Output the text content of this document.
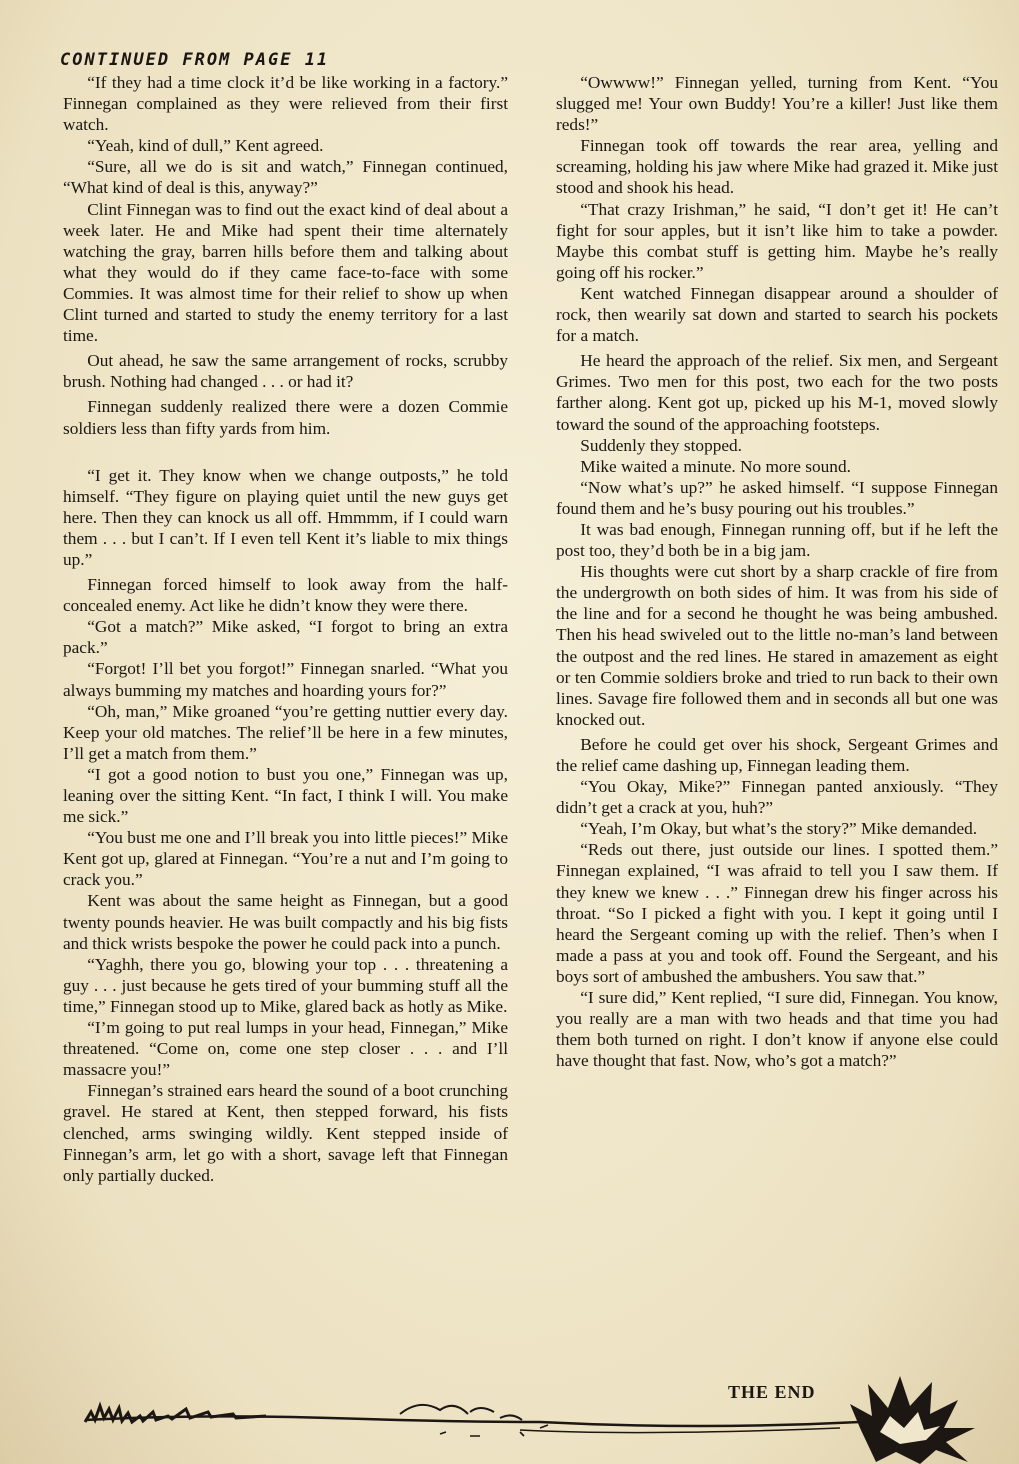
CONTINUED FROM PAGE 11

“If they had a time clock it’d be like working in a factory.” Finnegan complained as they were relieved from their first watch.

“Yeah, kind of dull,” Kent agreed.

“Sure, all we do is sit and watch,” Finnegan continued, “What kind of deal is this, anyway?”

Clint Finnegan was to find out the exact kind of deal about a week later. He and Mike had spent their time alternately watching the gray, barren hills before them and talking about what they would do if they came face-to-face with some Commies. It was almost time for their relief to show up when Clint turned and started to study the enemy territory for a last time.

Out ahead, he saw the same arrangement of rocks, scrubby brush. Nothing had changed . . . or had it?

Finnegan suddenly realized there were a dozen Commie soldiers less than fifty yards from him.

“I get it. They know when we change outposts,” he told himself. “They figure on playing quiet until the new guys get here. Then they can knock us all off. Hmmmm, if I could warn them . . . but I can’t. If I even tell Kent it’s liable to mix things up.”

Finnegan forced himself to look away from the half-concealed enemy. Act like he didn’t know they were there.

“Got a match?” Mike asked, “I forgot to bring an extra pack.”

“Forgot! I’ll bet you forgot!” Finnegan snarled. “What you always bumming my matches and hoarding yours for?”

“Oh, man,” Mike groaned “you’re getting nuttier every day. Keep your old matches. The relief’ll be here in a few minutes, I’ll get a match from them.”

“I got a good notion to bust you one,” Finnegan was up, leaning over the sitting Kent. “In fact, I think I will. You make me sick.”

“You bust me one and I’ll break you into little pieces!” Mike Kent got up, glared at Finnegan. “You’re a nut and I’m going to crack you.”

Kent was about the same height as Finnegan, but a good twenty pounds heavier. He was built compactly and his big fists and thick wrists bespoke the power he could pack into a punch.

“Yaghh, there you go, blowing your top . . . threatening a guy . . . just because he gets tired of your bumming stuff all the time,” Finnegan stood up to Mike, glared back as hotly as Mike.

“I’m going to put real lumps in your head, Finnegan,” Mike threatened. “Come on, come one step closer . . . and I’ll massacre you!”

Finnegan’s strained ears heard the sound of a boot crunching gravel. He stared at Kent, then stepped forward, his fists clenched, arms swinging wildly. Kent stepped inside of Finnegan’s arm, let go with a short, savage left that Finnegan only partially ducked.

“Owwww!” Finnegan yelled, turning from Kent. “You slugged me! Your own Buddy! You’re a killer! Just like them reds!”

Finnegan took off towards the rear area, yelling and screaming, holding his jaw where Mike had grazed it. Mike just stood and shook his head.

“That crazy Irishman,” he said, “I don’t get it! He can’t fight for sour apples, but it isn’t like him to take a powder. Maybe this combat stuff is getting him. Maybe he’s really going off his rocker.”

Kent watched Finnegan disappear around a shoulder of rock, then wearily sat down and started to search his pockets for a match.

He heard the approach of the relief. Six men, and Sergeant Grimes. Two men for this post, two each for the two posts farther along. Kent got up, picked up his M-1, moved slowly toward the sound of the approaching footsteps.

Suddenly they stopped.

Mike waited a minute. No more sound.

“Now what’s up?” he asked himself. “I suppose Finnegan found them and he’s busy pouring out his troubles.”

It was bad enough, Finnegan running off, but if he left the post too, they’d both be in a big jam.

His thoughts were cut short by a sharp crackle of fire from the undergrowth on both sides of him. It was from his side of the line and for a second he thought he was being ambushed. Then his head swiveled out to the little no-man’s land between the outpost and the red lines. He stared in amazement as eight or ten Commie soldiers broke and tried to run back to their own lines. Savage fire followed them and in seconds all but one was knocked out.

Before he could get over his shock, Sergeant Grimes and the relief came dashing up, Finnegan leading them.

“You Okay, Mike?” Finnegan panted anxiously. “They didn’t get a crack at you, huh?”

“Yeah, I’m Okay, but what’s the story?” Mike demanded.

“Reds out there, just outside our lines. I spotted them.” Finnegan explained, “I was afraid to tell you I saw them. If they knew we knew . . .” Finnegan drew his finger across his throat. “So I picked a fight with you. I kept it going until I heard the Sergeant coming up with the relief. Then’s when I made a pass at you and took off. Found the Sergeant, and his boys sort of ambushed the ambushers. You saw that.”

“I sure did,” Kent replied, “I sure did, Finnegan. You know, you really are a man with two heads and that time you had them both turned on right. I don’t know if anyone else could have thought that fast. Now, who’s got a match?”

THE END
